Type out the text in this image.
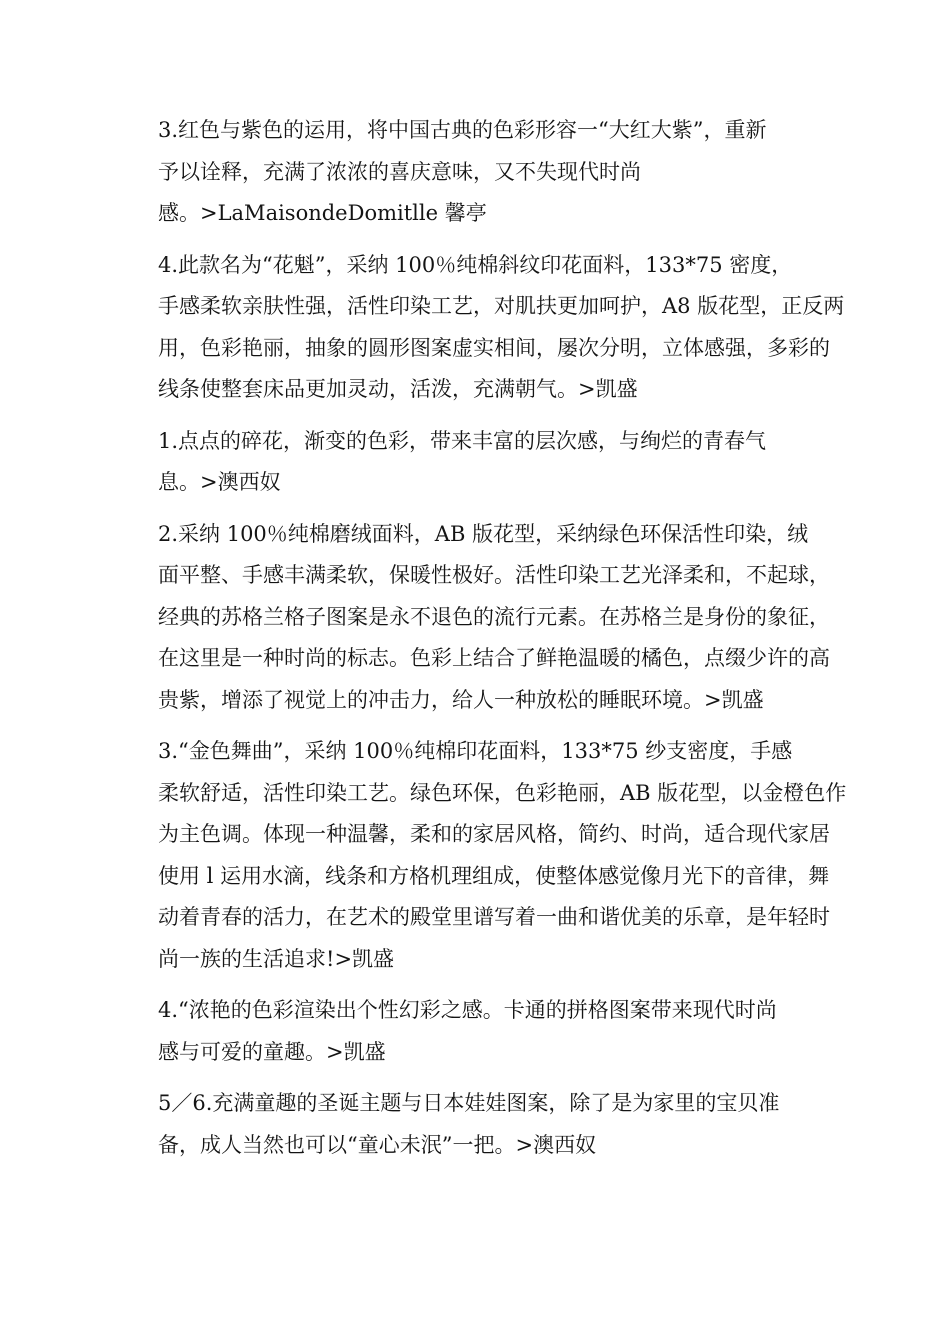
3.红色与紫色的运用，将中国古典的色彩形容一“大红大紫”，重新
予以诠释，充满了浓浓的喜庆意味，又不失现代时尚
感。>LaMaisondeDomitlle 馨亭

4.此款名为“花魁”，采纳 100％纯棉斜纹印花面料，133*75 密度，
手感柔软亲肤性强，活性印染工艺，对肌扶更加呵护，A8 版花型，正反两
用，色彩艳丽，抽象的圆形图案虚实相间，屡次分明，立体感强，多彩的
线条使整套床品更加灵动，活泼，充满朝气。>凯盛

1.点点的碎花，渐变的色彩，带来丰富的层次感，与绚烂的青春气
息。>澳西奴

2.采纳 100％纯棉磨绒面料，AB 版花型，采纳绿色环保活性印染，绒
面平整、手感丰满柔软，保暖性极好。活性印染工艺光泽柔和，不起球，
经典的苏格兰格子图案是永不退色的流行元素。在苏格兰是身份的象征，
在这里是一种时尚的标志。色彩上结合了鲜艳温暖的橘色，点缀少许的高
贵紫，增添了视觉上的冲击力，给人一种放松的睡眠环境。>凯盛

3.“金色舞曲”，采纳 100％纯棉印花面料，133*75 纱支密度，手感
柔软舒适，活性印染工艺。绿色环保，色彩艳丽，AB 版花型，以金橙色作
为主色调。体现一种温馨，柔和的家居风格，简约、时尚，适合现代家居
使用 l 运用水滴，线条和方格机理组成，使整体感觉像月光下的音律，舞
动着青春的活力，在艺术的殿堂里谱写着一曲和谐优美的乐章，是年轻时
尚一族的生活追求!>凯盛

4.“浓艳的色彩渲染出个性幻彩之感。卡通的拼格图案带来现代时尚
感与可爱的童趣。>凯盛

5／6.充满童趣的圣诞主题与日本娃娃图案，除了是为家里的宝贝准
备，成人当然也可以“童心未泯”一把。>澳西奴
